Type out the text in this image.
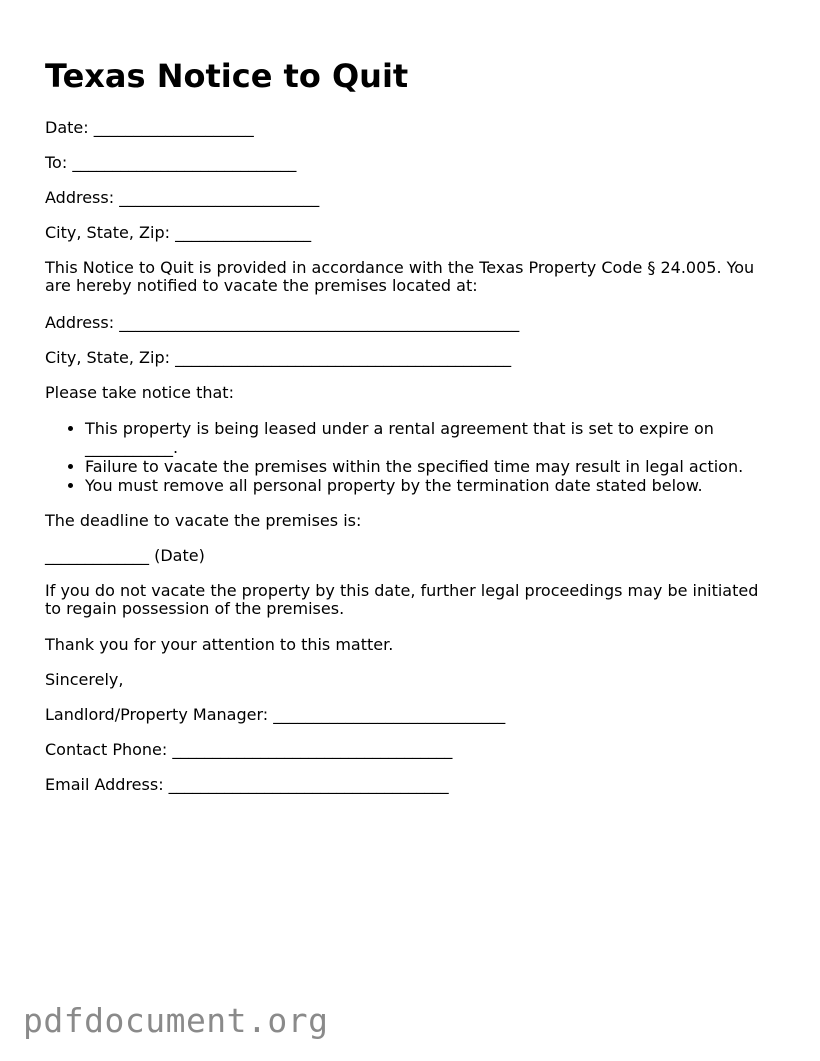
Texas Notice to Quit
Date: ____________________
To: ____________________________
Address: _________________________
City, State, Zip: _________________
This Notice to Quit is provided in accordance with the Texas Property Code § 24.005. You are hereby notified to vacate the premises located at:
Address: __________________________________________________
City, State, Zip: __________________________________________
Please take notice that:
• This property is being leased under a rental agreement that is set to expire on ___________.
• Failure to vacate the premises within the specified time may result in legal action.
• You must remove all personal property by the termination date stated below.
The deadline to vacate the premises is:
_____________ (Date)
If you do not vacate the property by this date, further legal proceedings may be initiated to regain possession of the premises.
Thank you for your attention to this matter.
Sincerely,
Landlord/Property Manager: _____________________________
Contact Phone: ___________________________________
Email Address: ___________________________________
pdfdocument.org
